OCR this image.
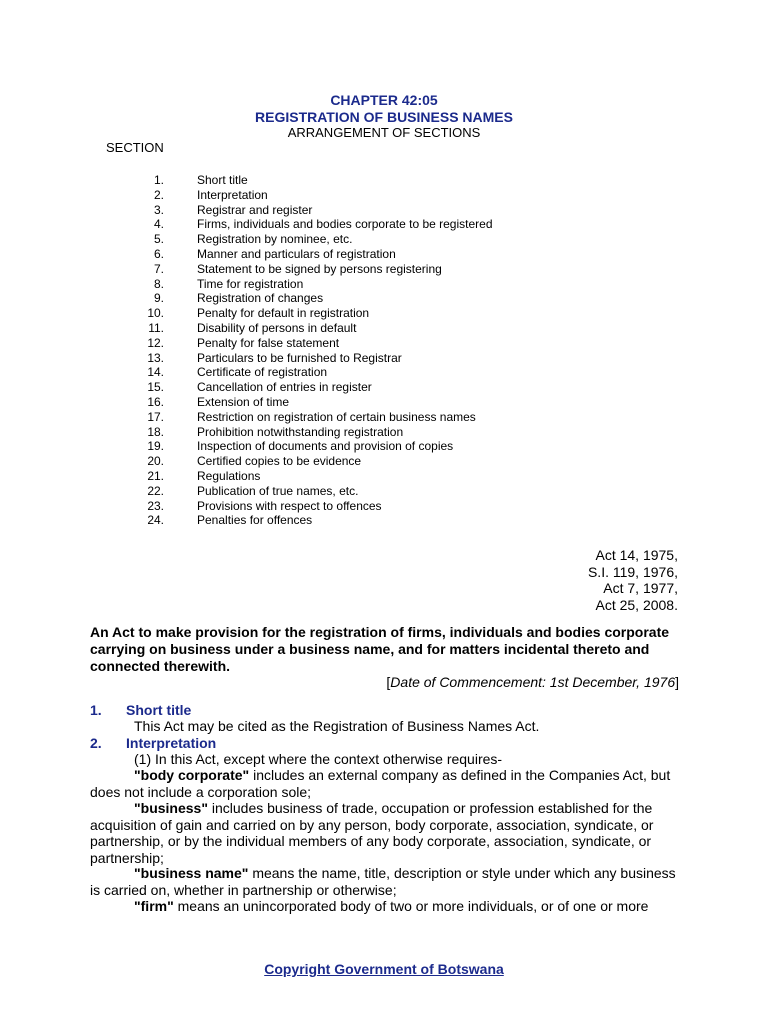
CHAPTER 42:05
REGISTRATION OF BUSINESS NAMES
ARRANGEMENT OF SECTIONS
SECTION
1.	Short title
2.	Interpretation
3.	Registrar and register
4.	Firms, individuals and bodies corporate to be registered
5.	Registration by nominee, etc.
6.	Manner and particulars of registration
7.	Statement to be signed by persons registering
8.	Time for registration
9.	Registration of changes
10.	Penalty for default in registration
11.	Disability of persons in default
12.	Penalty for false statement
13.	Particulars to be furnished to Registrar
14.	Certificate of registration
15.	Cancellation of entries in register
16.	Extension of time
17.	Restriction on registration of certain business names
18.	Prohibition notwithstanding registration
19.	Inspection of documents and provision of copies
20.	Certified copies to be evidence
21.	Regulations
22.	Publication of true names, etc.
23.	Provisions with respect to offences
24.	Penalties for offences
Act 14, 1975,
S.I. 119, 1976,
Act 7, 1977,
Act 25, 2008.
An Act to make provision for the registration of firms, individuals and bodies corporate carrying on business under a business name, and for matters incidental thereto and connected therewith.
[Date of Commencement: 1st December, 1976]
1. Short title
This Act may be cited as the Registration of Business Names Act.
2. Interpretation
(1) In this Act, except where the context otherwise requires-
"body corporate" includes an external company as defined in the Companies Act, but does not include a corporation sole;
"business" includes business of trade, occupation or profession established for the acquisition of gain and carried on by any person, body corporate, association, syndicate, or partnership, or by the individual members of any body corporate, association, syndicate, or partnership;
"business name" means the name, title, description or style under which any business is carried on, whether in partnership or otherwise;
"firm" means an unincorporated body of two or more individuals, or of one or more
Copyright Government of Botswana
